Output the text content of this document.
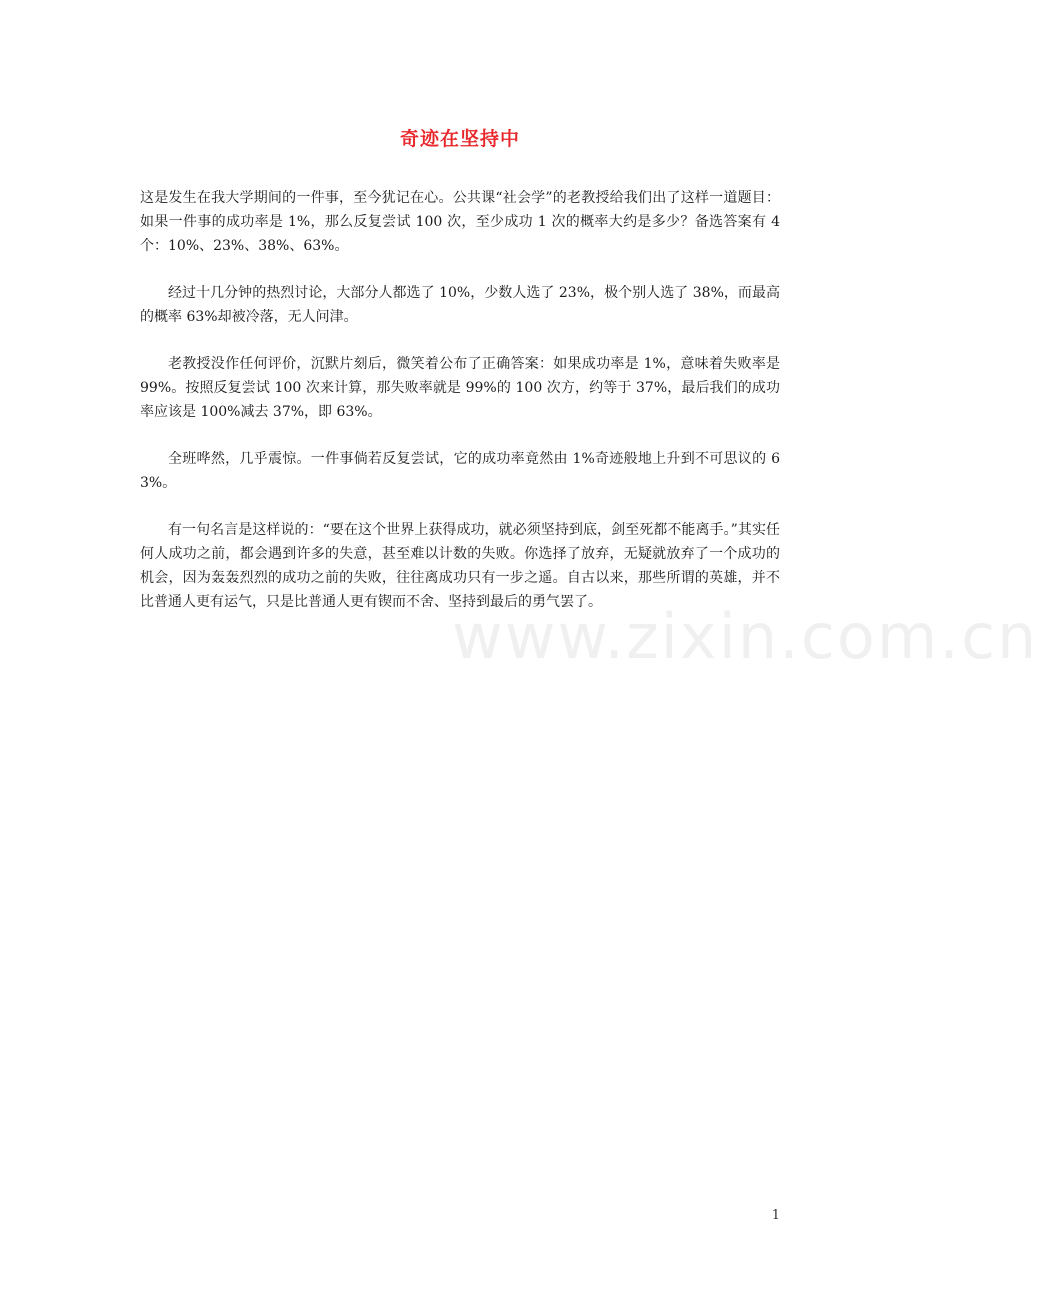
奇迹在坚持中

这是发生在我大学期间的一件事，至今犹记在心。公共课“社会学”的老教授给我们出了这样一道题目：如果一件事的成功率是 1%，那么反复尝试 100 次，至少成功 1 次的概率大约是多少？备选答案有 4 个：10%、23%、38%、63%。

经过十几分钟的热烈讨论，大部分人都选了 10%，少数人选了 23%，极个别人选了 38%，而最高的概率 63%却被冷落，无人问津。

老教授没作任何评价，沉默片刻后，微笑着公布了正确答案：如果成功率是 1%，意味着失败率是 99%。按照反复尝试 100 次来计算，那失败率就是 99%的 100 次方，约等于 37%，最后我们的成功率应该是 100%减去 37%，即 63%。

全班哗然，几乎震惊。一件事倘若反复尝试，它的成功率竟然由 1%奇迹般地上升到不可思议的 63%。

有一句名言是这样说的：“要在这个世界上获得成功，就必须坚持到底，剑至死都不能离手。”其实任何人成功之前，都会遇到许多的失意，甚至难以计数的失败。你选择了放弃，无疑就放弃了一个成功的机会，因为轰轰烈烈的成功之前的失败，往往离成功只有一步之遥。自古以来，那些所谓的英雄，并不比普通人更有运气，只是比普通人更有锲而不舍、坚持到最后的勇气罢了。

www.zixin.com.cn
1
